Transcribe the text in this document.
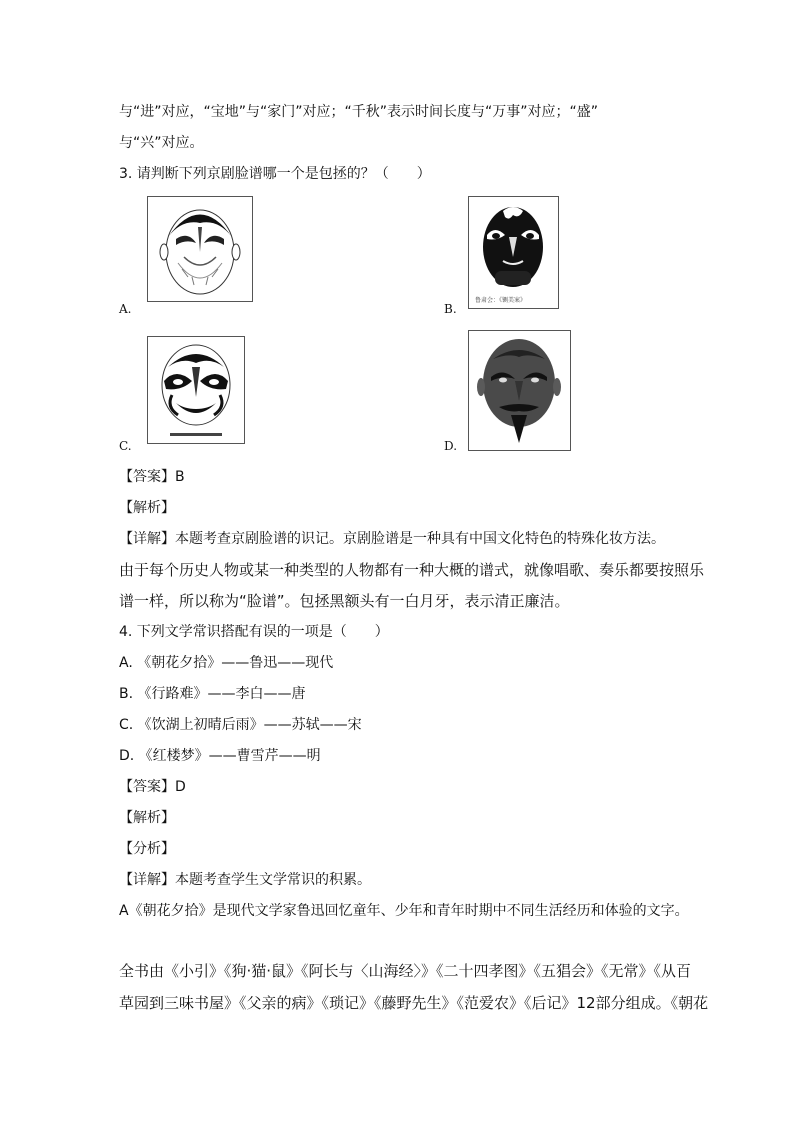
与“进”对应，“宝地”与“家门”对应；“千秋”表示时间长度与“万事”对应；“盛”
与“兴”对应。
3. 请判断下列京剧脸谱哪一个是包拯的？（　　）
A.
鲁肃会：《铡美案》
B.
C.	D.
【答案】B
【解析】
【详解】本题考查京剧脸谱的识记。京剧脸谱是一种具有中国文化特色的特殊化妆方法。
由于每个历史人物或某一种类型的人物都有一种大概的谱式，就像唱歌、奏乐都要按照乐
谱一样，所以称为“脸谱”。包拯黑额头有一白月牙，表示清正廉洁。
4. 下列文学常识搭配有误的一项是（　　）
A. 《朝花夕拾》——鲁迅——现代
B. 《行路难》——李白——唐
C. 《饮湖上初晴后雨》——苏轼——宋
D. 《红楼梦》——曹雪芹——明
【答案】D
【解析】
【分析】
【详解】本题考查学生文学常识的积累。
A《朝花夕拾》是现代文学家鲁迅回忆童年、少年和青年时期中不同生活经历和体验的文字。
全书由《小引》《狗·猫·鼠》《阿长与〈山海经〉》《二十四孝图》《五猖会》《无常》《从百
草园到三味书屋》《父亲的病》《琐记》《藤野先生》《范爱农》《后记》12部分组成。《朝花
